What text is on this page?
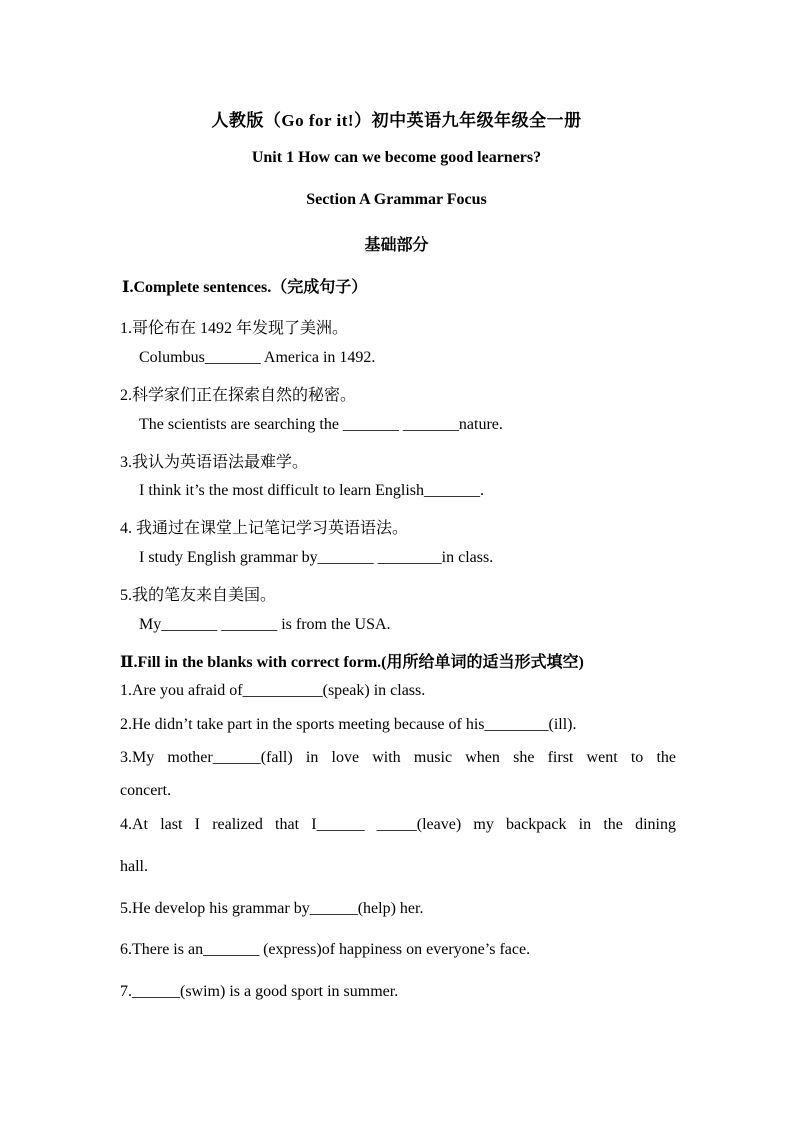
人教版（Go for it!）初中英语九年级年级全一册
Unit 1 How can we become good learners?
Section A Grammar Focus
基础部分
Ⅰ.Complete sentences.（完成句子）
1.哥伦布在 1492 年发现了美洲。
Columbus_______ America in 1492.
2.科学家们正在探索自然的秘密。
The scientists are searching the _______ _______nature.
3.我认为英语语法最难学。
I think it’s the most difficult to learn English_______.
4. 我通过在课堂上记笔记学习英语语法。
I study English grammar by_______ ________in class.
5.我的笔友来自美国。
My_______ _______ is from the USA.
Ⅱ.Fill in the blanks with correct form.(用所给单词的适当形式填空)
1.Are you afraid of__________(speak) in class.
2.He didn’t take part in the sports meeting because of his________(ill).
3.My mother______(fall) in love with music when she first went to the
concert.
4.At last I realized that I______ _____(leave) my backpack in the dining
hall.
5.He develop his grammar by______(help) her.
6.There is an_______ (express)of happiness on everyone’s face.
7.______(swim) is a good sport in summer.
